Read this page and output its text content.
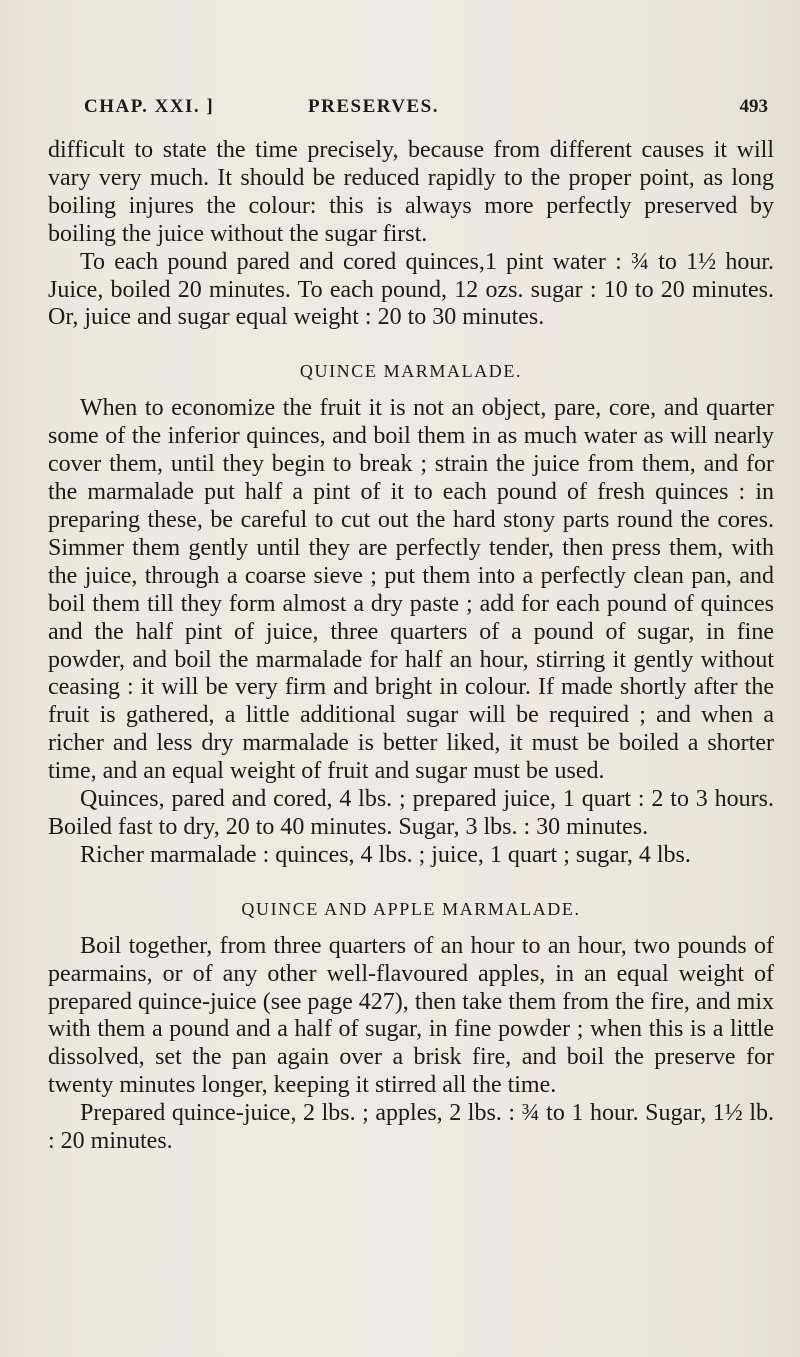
CHAP. XXI. ]	PRESERVES.	493

difficult to state the time precisely, because from different causes it will vary very much. It should be reduced rapidly to the proper point, as long boiling injures the colour: this is always more perfectly preserved by boiling the juice without the sugar first.

To each pound pared and cored quinces,1 pint water : ¾ to 1½ hour. Juice, boiled 20 minutes. To each pound, 12 ozs. sugar : 10 to 20 minutes. Or, juice and sugar equal weight : 20 to 30 minutes.

QUINCE MARMALADE.

When to economize the fruit it is not an object, pare, core, and quarter some of the inferior quinces, and boil them in as much water as will nearly cover them, until they begin to break ; strain the juice from them, and for the marmalade put half a pint of it to each pound of fresh quinces : in preparing these, be careful to cut out the hard stony parts round the cores. Simmer them gently until they are perfectly tender, then press them, with the juice, through a coarse sieve ; put them into a perfectly clean pan, and boil them till they form almost a dry paste ; add for each pound of quinces and the half pint of juice, three quarters of a pound of sugar, in fine powder, and boil the marmalade for half an hour, stirring it gently without ceasing : it will be very firm and bright in colour. If made shortly after the fruit is gathered, a little additional sugar will be required ; and when a richer and less dry marmalade is better liked, it must be boiled a shorter time, and an equal weight of fruit and sugar must be used.

Quinces, pared and cored, 4 lbs. ; prepared juice, 1 quart : 2 to 3 hours. Boiled fast to dry, 20 to 40 minutes. Sugar, 3 lbs. : 30 minutes.

Richer marmalade : quinces, 4 lbs. ; juice, 1 quart ; sugar, 4 lbs.

QUINCE AND APPLE MARMALADE.

Boil together, from three quarters of an hour to an hour, two pounds of pearmains, or of any other well-flavoured apples, in an equal weight of prepared quince-juice (see page 427), then take them from the fire, and mix with them a pound and a half of sugar, in fine powder ; when this is a little dissolved, set the pan again over a brisk fire, and boil the preserve for twenty minutes longer, keeping it stirred all the time.

Prepared quince-juice, 2 lbs. ; apples, 2 lbs. : ¾ to 1 hour. Sugar, 1½ lb. : 20 minutes.
